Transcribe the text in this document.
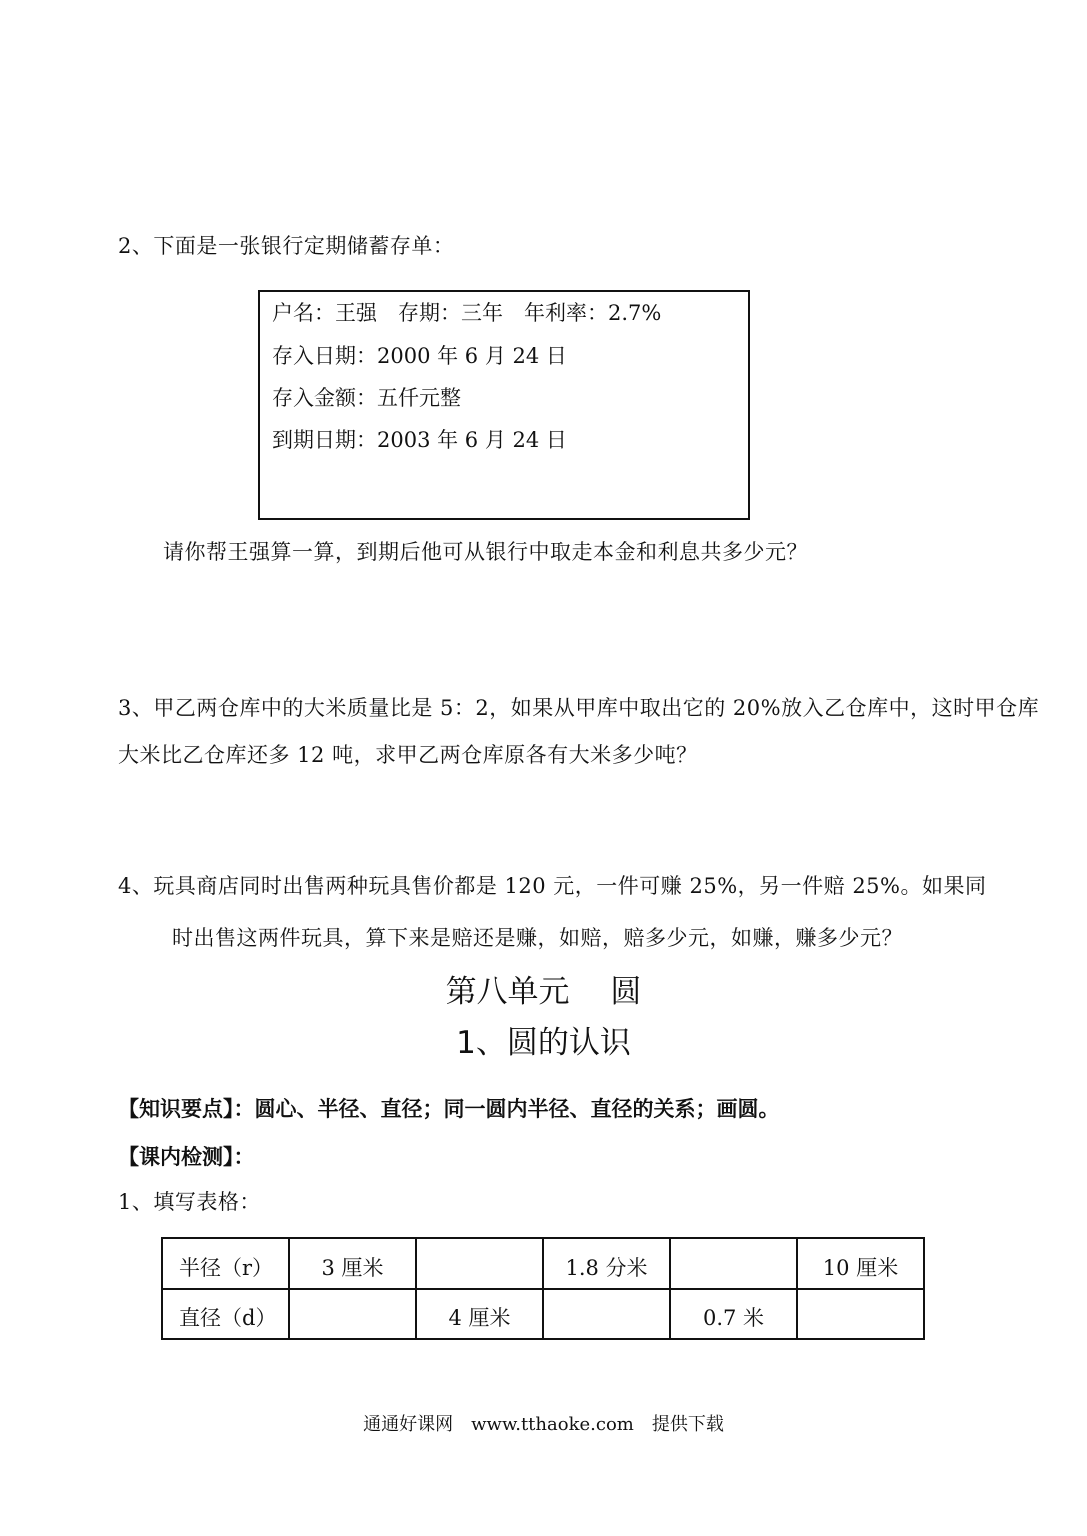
2、下面是一张银行定期储蓄存单：
户名：王强　存期：三年　年利率：2.7%
存入日期：2000 年 6 月 24 日
存入金额：五仟元整
到期日期：2003 年 6 月 24 日
请你帮王强算一算，到期后他可从银行中取走本金和利息共多少元？
3、甲乙两仓库中的大米质量比是 5：2，如果从甲库中取出它的 20%放入乙仓库中，这时甲仓库
大米比乙仓库还多 12 吨，求甲乙两仓库原各有大米多少吨？
4、玩具商店同时出售两种玩具售价都是 120 元，一件可赚 25%，另一件赔 25%。如果同
时出售这两件玩具，算下来是赔还是赚，如赔，赔多少元，如赚，赚多少元？
第八单元　 圆
1、圆的认识
【知识要点】：圆心、半径、直径；同一圆内半径、直径的关系；画圆。
【课内检测】：
1、填写表格：
半径（r）	3 厘米		1.8 分米		10 厘米
直径（d）		4 厘米		0.7 米	
通通好课网　www.tthaoke.com　提供下载
